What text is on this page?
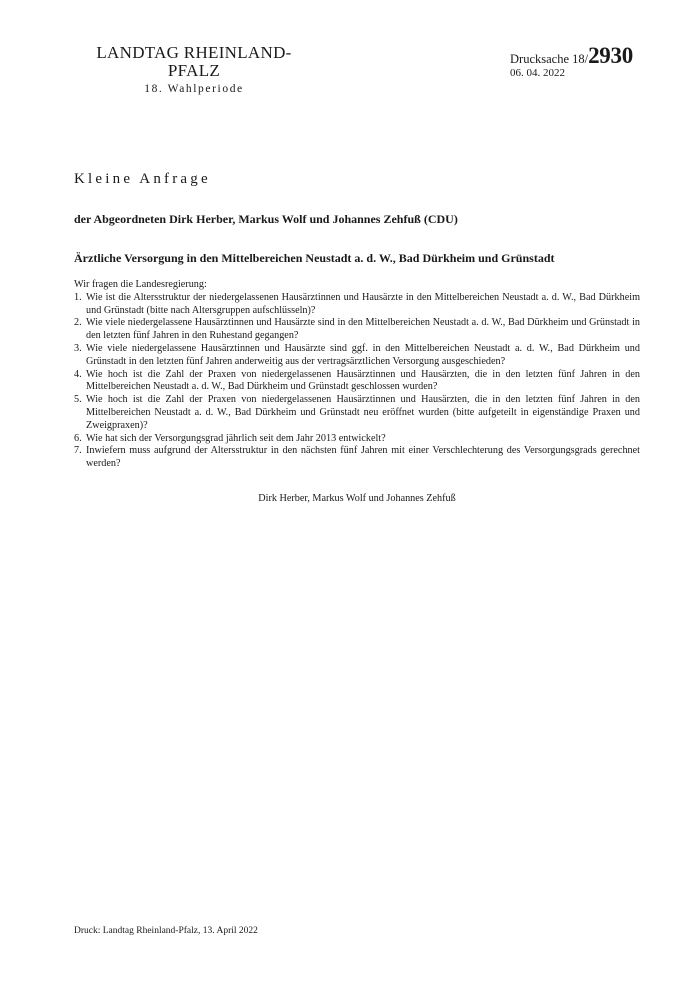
LANDTAG RHEINLAND-PFALZ
18. Wahlperiode
Drucksache 18/2930
06. 04. 2022
Kleine Anfrage
der Abgeordneten Dirk Herber, Markus Wolf und Johannes Zehfuß (CDU)
Ärztliche Versorgung in den Mittelbereichen Neustadt a. d. W., Bad Dürkheim und Grünstadt
Wir fragen die Landesregierung:
1. Wie ist die Altersstruktur der niedergelassenen Hausärztinnen und Hausärzte in den Mittelbereichen Neustadt a. d. W., Bad Dürkheim und Grünstadt (bitte nach Altersgruppen aufschlüsseln)?
2. Wie viele niedergelassene Hausärztinnen und Hausärzte sind in den Mittelbereichen Neustadt a. d. W., Bad Dürkheim und Grünstadt in den letzten fünf Jahren in den Ruhestand gegangen?
3. Wie viele niedergelassene Hausärztinnen und Hausärzte sind ggf. in den Mittelbereichen Neustadt a. d. W., Bad Dürkheim und Grünstadt in den letzten fünf Jahren anderweitig aus der vertragsärztlichen Versorgung ausgeschieden?
4. Wie hoch ist die Zahl der Praxen von niedergelassenen Hausärztinnen und Hausärzten, die in den letzten fünf Jahren in den Mittelbereichen Neustadt a. d. W., Bad Dürkheim und Grünstadt geschlossen wurden?
5. Wie hoch ist die Zahl der Praxen von niedergelassenen Hausärztinnen und Hausärzten, die in den letzten fünf Jahren in den Mittelbereichen Neustadt a. d. W., Bad Dürkheim und Grünstadt neu eröffnet wurden (bitte aufgeteilt in eigenständige Praxen und Zweigpraxen)?
6. Wie hat sich der Versorgungsgrad jährlich seit dem Jahr 2013 entwickelt?
7. Inwiefern muss aufgrund der Altersstruktur in den nächsten fünf Jahren mit einer Verschlechterung des Versorgungsgrads gerechnet werden?
Dirk Herber, Markus Wolf und Johannes Zehfuß
Druck: Landtag Rheinland-Pfalz, 13. April 2022
